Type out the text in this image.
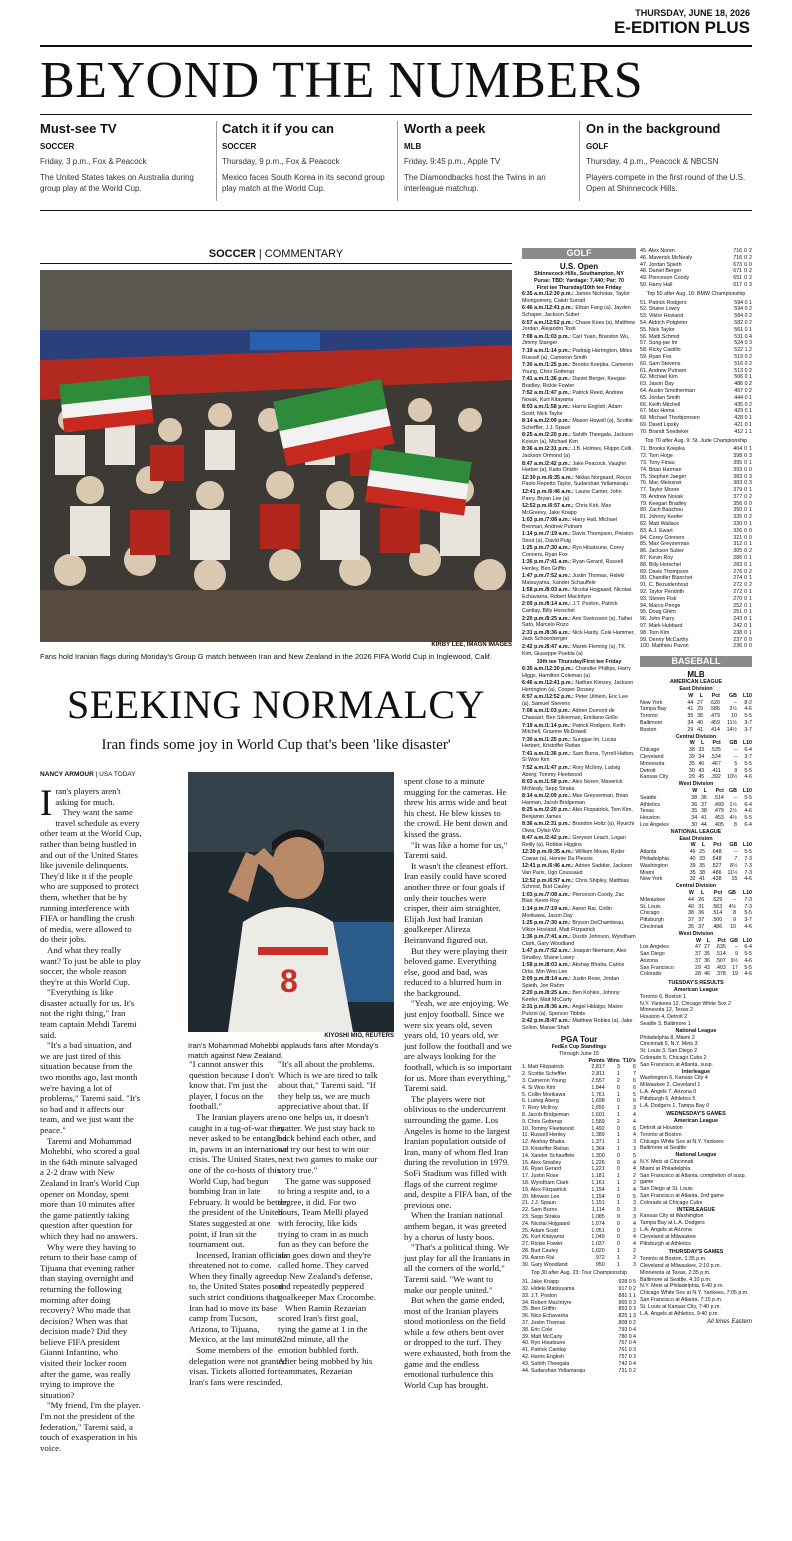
THURSDAY, JUNE 18, 2026
E-EDITION PLUS
BEYOND THE NUMBERS
Must-see TV
SOCCER
Friday, 3 p.m., Fox & Peacock
The United States takes on Australia during group play at the World Cup.
Catch it if you can
SOCCER
Thursday, 9 p.m., Fox & Peacock
Mexico faces South Korea in its second group play match at the World Cup.
Worth a peek
MLB
Friday, 9:45 p.m., Apple TV
The Diamondbacks host the Twins in an interleague matchup.
On in the background
GOLF
Thursday, 4 p.m., Peacock & NBCSN
Players compete in the first round of the U.S. Open at Shinnecock Hills.
SOCCER | COMMENTARY
KIRBY LEE, IMAGN IMAGES
Fans hold Iranian flags during Monday's Group G match between Iran and New Zealand in the 2026 FIFA World Cup in Inglewood, Calif.
SEEKING NORMALCY
Iran finds some joy in World Cup that's been 'like disaster'
NANCY ARMOUR | USA TODAY

Iran's players aren't asking for much.

They want the same travel schedule as every other team at the World Cup, rather than being hustled in and out of the United States like juvenile delinquents. They'd like it if the people who are supposed to protect them, whether that be by running interference with FIFA or handling the crush of media, were allowed to do their jobs.

And what they really want? To just be able to play soccer, the whole reason they're at this World Cup.

"Everything is like disaster actually for us. It's not the right thing," Iran team captain Mehdi Taremi said.

"It's a bad situation, and we are just tired of this situation because from the two months ago, last month we're having a lot of problems," Taremi said. "It's so bad and it affects our team, and we just want the peace."

Taremi and Mohammad Mohebbi, who scored a goal in the 64th minute salvaged a 2-2 draw with New Zealand in Iran's World Cup opener on Monday, spent more than 10 minutes after the game patiently taking question after question for which they had no answers.

Why were they having to return to their base camp of Tijuana that evening rather than staying overnight and returning the following morning after doing recovery? Who made that decision? When was that decision made? Did they believe FIFA president Gianni Infantino, who visited their locker room after the game, was really trying to improve the situation?

"My friend, I'm the player. I'm not the president of the federation," Taremi said, a touch of exasperation in his voice.

8
KIYOSHI MIO, REUTERS
Iran's Mohammad Mohebbi applauds fans after Monday's match against New Zealand.

"I cannot answer this question because I don't know that. I'm just the player, I focus on the football."

The Iranian players are caught in a tug-of-war they never asked to be entangled in, pawns in an international crisis. The United States, one of the co-hosts of this World Cup, had begun bombing Iran in late February. It would be better, the president of the United States suggested at one point, if Iran sit the tournament out.

Incensed, Iranian officials threatened not to come. When they finally agreed to, the United States posed such strict conditions that Iran had to move its base camp from Tucson, Arizona, to Tijuana, Mexico, at the last minute.

Some members of the delegation were not granted visas. Tickets allotted for Iran's fans were rescinded.

"It's all about the problems. Which is we are tired to talk about that," Taremi said. "If they help us, we are much appreciative about that. If no one helps us, it doesn't matter. We just stay back to back behind each other, and we try our best to win our next two games to make our story true."

The game was supposed to bring a respite and, to a degree, it did. For two hours, Team Melli played with ferocity, like kids trying to cram in as much fun as they can before the sun goes down and they're called home. They carved up New Zealand's defense, and repeatedly peppered goalkeeper Max Crocombe.

When Ramin Rezaeian scored Iran's first goal, tying the game at 1 in the 32nd minute, all the emotion bubbled forth. After being mobbed by his teammates, Rezaeian

spent close to a minute mugging for the cameras. He threw his arms wide and beat his chest. He blew kisses to the crowd. He bent down and kissed the grass.

"It was like a home for us," Taremi said.

It wasn't the cleanest effort. Iran easily could have scored another three or four goals if only their touches were crisper, their aim straighter. Elijah Just had Iranian goalkeeper Alireza Beiranvand figured out.

But they were playing their beloved game. Everything else, good and bad, was reduced to a blurred hum in the background.

"Yeah, we are enjoying. We just enjoy football. Since we were six years old, seven years old, 10 years old, we just follow the football and we are always looking for the football, which is so important for us. More than everything," Taremi said.

The players were not oblivious to the undercurrent surrounding the game. Los Angeles is home to the largest Iranian population outside of Iran, many of whom fled Iran during the revolution in 1979. SoFi Stadium was filled with flags of the current regime and, despite a FIFA ban, of the previous one.

When the Iranian national anthem began, it was greeted by a chorus of lusty boos.

"That's a political thing. We just play for all the Iranians in all the corners of the world," Taremi said. "We want to make our people united."

But when the game ended, most of the Iranian players stood motionless on the field while a few others bent over or dropped to the turf. They were exhausted, both from the game and the endless emotional turbulence this World Cup has brought.

GOLF
U.S. Open
Shinnecock Hills, Southampton, NY
Purse: TBD; Yardage: 7,440; Par: 70
First tee Thursday/10th tee Friday

6:35 a.m./12:30 p.m.: James Nicholas, Taylor Montgomery, Caleb Surratt

6:46 a.m./12:41 p.m.: Ethan Fang (a), Jayden Schaper, Jackson Suber

6:57 a.m./12:52 p.m.: Chase Koes (a), Matthew Jordan, Alejandro Tosti

7:08 a.m./1:03 p.m.: Carl Yuan, Brandon Wu, Jimmy Stanger

7:19 a.m./1:14 p.m.: Padraig Harrington, Miles Russell (a), Cameron Smith

7:30 a.m./1:25 p.m.: Brooks Koepka, Cameron Young, Chris Gotterup

7:41 a.m./1:36 p.m.: Daniel Berger, Keegan Bradley, Rickie Fowler

7:52 a.m./1:47 p.m.: Patrick Reed, Andrew Novak, Kurt Kitayama

8:03 a.m./1:58 p.m.: Harris English, Adam Scott, Nick Taylor

8:14 a.m./2:09 p.m.: Mason Howell (a), Scottie Scheffler, J.J. Spaun

8:25 a.m./2:20 p.m.: Sahith Theegala, Jackson Koivun (a), Michael Kim

8:36 a.m./2:31 p.m.: J.B. Holmes, Filippo Celli, Jackson Ormond (a)

8:47 a.m./2:42 p.m.: Jake Peacock, Vaughn Harber (a), Kaito Onishi

12:30 p.m./6:35 a.m.: Niklas Norgaard, Rocco Paolo Repetto Taylor, Sudarshan Yellamaraju

12:41 p.m./6:46 a.m.: Laurie Canter, John Parry, Bryan Lee (a)

12:52 p.m./6:57 a.m.: Chris Kirk, Max McGreevy, Jake Knapp

1:03 p.m./7:08 a.m.: Harry Hall, Michael Brennan, Andrew Putnam

1:14 p.m./7:19 a.m.: Davis Thompson, Preston Stout (a), David Puig

1:25 p.m./7:30 a.m.: Ryo Hisatsune, Corey Conners, Ryan Fox

1:36 p.m./7:41 a.m.: Ryan Gerard, Russell Henley, Ben Griffin

1:47 p.m./7:52 a.m.: Justin Thomas, Hideki Matsuyama, Xander Schauffele

1:58 p.m./8:03 a.m.: Nicolai Hojgaard, Nicolas Echavarria, Robert MacIntyre

2:09 p.m./8:14 a.m.: J.T. Poston, Patrick Cantlay, Billy Horschel

2:20 p.m./8:25 a.m.: Arni Sveinsson (a), Taihei Sato, Marcelo Rozo

2:31 p.m./8:36 a.m.: Nick Hardy, Cole Hammer, Jack Schoenberger

2:42 p.m./8:47 a.m.: Marek Fleming (a), TK Kim, Giuseppe Puebla (a)

10th tee Thursday/First tee Friday

6:35 a.m./12:30 p.m.: Chandler Phillips, Harry Higgs, Hamilton Coleman (a)

6:46 a.m./12:41 p.m.: Nathan Kimsey, Jackson Herrington (a), Cooper Dossey

6:57 a.m./12:52 p.m.: Peter Uihlein, Eric Lee (a), Samuel Stevens

7:08 a.m./1:03 p.m.: Adrien Dumont de Chassart, Ben Silverman, Emiliano Grillo

7:19 a.m./1:14 p.m.: Patrick Rodgers, Keith Mitchell, Graeme McDowell

7:30 a.m./1:25 p.m.: Sungjae Im, Lucas Herbert, Kristoffer Reitan

7:41 a.m./1:36 p.m.: Sam Burns, Tyrrell Hatton, Si Woo Kim

7:52 a.m./1:47 p.m.: Rory McIlroy, Ludvig Aberg, Tommy Fleetwood

8:03 a.m./1:58 p.m.: Alex Noren, Maverick McNealy, Sepp Straka

8:14 a.m./2:09 p.m.: Max Greyserman, Brian Harman, Jacob Bridgeman

8:25 a.m./2:20 p.m.: Akio Fitzpatrick, Tom Kim, Benjamin James

8:36 a.m./2:31 p.m.: Brandon Holtz (a), Ryuichi Oiwa, Dylan Wu

8:47 a.m./2:42 p.m.: Greyson Leach, Logan Reilly (a), Robbie Higgins

12:30 p.m./6:35 a.m.: William Mouw, Ryder Cowan (a), Hennie Du Plessis

12:41 p.m./6:46 a.m.: Adrien Saddier, Jackson Van Paris, Ugo Coussaud

12:52 p.m./6:57 a.m.: Chris Shipley, Matthias Schmid, Bud Cauley

1:03 p.m./7:08 a.m.: Pierceson Coody, Zac Blair, Kevin Roy

1:14 p.m./7:19 a.m.: Aaron Rai, Collin Morikawa, Jason Day

1:25 p.m./7:30 a.m.: Bryson DeChambeau, Viktor Hovland, Matt Fitzpatrick

1:36 p.m./7:41 a.m.: Dustin Johnson, Wyndham Clark, Gary Woodland

1:47 p.m./7:52 a.m.: Joaquin Niemann, Alex Smalley, Shane Lowry

1:58 p.m./8:03 a.m.: Akshay Bhatia, Carlos Ortiz, Min Woo Lee

2:09 p.m./8:14 a.m.: Justin Rose, Jordan Spieth, Jon Rahm

2:20 p.m./8:25 a.m.: Ben Kohles, Johnny Keefer, Matt McCarty

2:31 p.m./8:36 a.m.: Angel Hidalgo, Mateo Pulcini (a), Spencer Tibbits

2:42 p.m./8:47 a.m.: Matthew Robles (a), Jake Sollon, Manav Shah

PGA Tour
FedEx Cup Standings
Through June 15
	Points	Wins	T10's
1. Matt Fitzpatrick	2,817	3	6
2. Scottie Scheffler	2,811	1	7
3. Cameron Young	2,557	2	6
4. Si Woo Kim	1,844	0	6
5. Collin Morikawa	1,761	1	5
6. Ludvig Aberg	1,698	0	6
7. Rory McIlroy	1,655	1	3
8. Jacob Bridgeman	1,601	1	4
9. Chris Gotterup	1,589	2	4
10. Tommy Fleetwood	1,492	0	6
11. Russell Henley	1,389	1	4
12. Akshay Bhatia	1,371	1	3
13. Kristoffer Reitan	1,364	1	3
14. Xander Schauffele	1,300	0	5
15. Alex Smalley	1,226	0	4
16. Ryan Gerard	1,221	0	4
17. Justin Rose	1,181	1	2
18. Wyndham Clark	1,161	1	2
19. Alex Fitzpatrick	1,154	1	4
20. Minwoo Lee	1,154	0	5
21. J.J. Spaun	1,151	1	3
22. Sam Burns	1,114	0	3
23. Sepp Straka	1,085	0	3
24. Nicolai Hojgaard	1,074	0	4
25. Adam Scott	1,051	0	2
26. Kurt Kitayama	1,049	0	4
27. Rickie Fowler	1,037	0	4
28. Bud Cauley	1,020	1	2
29. Aaron Rai	972	1	2
30. Gary Woodland	950	1	3
Top 30 after Aug. 23: Tour Championship
31. Jake Knapp	928	0	5
32. Hideki Matsuyama	917	0	2
33. J.T. Poston	881	1	1
34. Robert MacIntyre	865	0	3
35. Ben Griffin	853	0	3
36. Nico Echavarria	825	1	3
37. Justin Thomas	808	0	2
38. Eric Cole	793	0	4
39. Matt McCarty	780	0	4
40. Ryo Hisatsune	767	0	4
41. Patrick Cantlay	761	0	3
42. Harris English	757	0	3
43. Sahith Theegala	742	0	4
44. Sudarshan Yellamaraju	731	0	2
45. Alex Noren	716	0	2
46. Maverick McNealy	716	0	2
47. Jordan Spieth	673	0	0
48. Daniel Berger	671	0	2
49. Pierceson Coody	651	0	2
50. Harry Hall	617	0	3
Top 50 after Aug. 16: BMW Championship
51. Patrick Rodgers	594	0	1
52. Shane Lowry	594	0	2
53. Viktor Hovland	584	0	2
54. Aldrich Potgieter	582	0	2
55. Nick Taylor	561	0	1
56. Matti Schmid	531	0	4
57. Sung-jae Im	524	0	3
58. Ricky Castillo	522	1	2
59. Ryan Fox	519	0	2
60. Sam Stevens	516	0	2
61. Andrew Putnam	513	0	2
62. Michael Kim	506	0	1
63. Jason Day	486	0	2
64. Austin Smotherman	457	0	2
65. Jordan Smith	444	0	1
66. Keith Mitchell	435	0	2
67. Max Homa	429	0	1
68. Michael Thorbjornsen	428	0	1
69. David Lipsky	421	0	1
70. Brandt Snedeker	412	1	1
Top 70 after Aug. 9: St. Jude Championship
71. Brooks Koepka	404	0	1
72. Tom Hoge	398	0	3
73. Tony Finau	395	0	1
74. Brian Harman	393	0	0
75. Stephan Jaeger	383	0	3
76. Mac Meissner	383	0	3
77. Taylor Moore	379	0	1
78. Andrew Novak	377	0	2
79. Keegan Bradley	356	0	0
80. Zach Bauchou	350	0	1
81. Johnny Keefer	335	0	2
82. Matt Wallace	330	0	1
83. A.J. Ewart	326	0	0
84. Corey Conners	321	0	0
85. Max Greyserman	312	0	1
86. Jackson Suber	305	0	2
87. Kevin Roy	286	0	1
88. Billy Horschel	283	0	1
89. Davis Thompson	276	0	2
90. Chandler Blanchet	274	0	1
91. C. Bezuidenhout	272	0	2
92. Taylor Pendrith	272	0	1
93. Steven Fisk	270	0	1
94. Marco Penge	252	0	1
95. Doug Ghim	251	0	1
96. John Parry	243	0	1
97. Mark Hubbard	242	0	1
98. Tom Kim	238	0	1
99. Denny McCarthy	237	0	0
100. Matthieu Pavon	236	0	0
BASEBALL
MLB
AMERICAN LEAGUE
East Division
	W	L	Pct	GB	L10
New York	44	27	.620	–	8-2
Tampa Bay	41	29	.586	2½	4-6
Toronto	35	38	.479	10	5-5
Baltimore	34	40	.459	11½	3-7
Boston	29	41	.414	14½	3-7
Central Division
	W	L	Pct	GB	L10
Chicago	38	33	.535	–	6-4
Cleveland	39	34	.534	–	3-7
Minnesota	35	40	.467	5	5-5
Detroit	30	43	.411	9	5-5
Kansas City	29	45	.392	10½	4-6
West Division
	W	L	Pct	GB	L10
Seattle	38	36	.514	–	5-5
Athletics	36	37	.493	1½	6-4
Texas	35	38	.479	2½	4-6
Houston	34	41	.453	4½	5-5
Los Angeles	30	44	.405	8	6-4
NATIONAL LEAGUE
East Division
	W	L	Pct	GB	L10
Atlanta	46	25	.648	–	5-5
Philadelphia	40	33	.548	7	7-3
Washington	39	35	.527	8½	7-3
Miami	35	38	.486	11½	7-3
New York	32	41	.438	15	4-6
Central Division
	W	L	Pct	GB	L10
Milwaukee	44	26	.629	–	7-3
St. Louis	40	31	.563	4½	7-3
Chicago	38	36	.514	8	5-5
Pittsburgh	37	37	.500	9	3-7
Cincinnati	35	37	.486	10	4-6
West Division
	W	L	Pct	GB	L10
Los Angeles	47	27	.635	–	6-4
San Diego	37	35	.514	9	5-5
Arizona	37	36	.507	9½	4-6
San Francisco	29	43	.403	17	5-5
Colorado	28	46	.378	19	4-6
TUESDAY'S RESULTS
American League
Toronto 6, Boston 1
N.Y. Yankees 12, Chicago White Sox 2
Minnesota 12, Texas 2
Houston 4, Detroit 2
Seattle 3, Baltimore 1
National League
Philadelphia 8, Miami 2
Cincinnati 5, N.Y. Mets 3
St. Louis 3, San Diego 2
Colorado 5, Chicago Cubs 2
San Francisco at Atlanta, susp.
Interleague
Washington 6, Kansas City 4
Milwaukee 2, Cleveland 1
L.A. Angels 7, Arizona 0
Pittsburgh 6, Athletics 5
L.A. Dodgers 1, Tampa Bay 0
WEDNESDAY'S GAMES
American League
Detroit at Houston
Toronto at Boston
Chicago White Sox at N.Y. Yankees
Baltimore at Seattle
National League
N.Y. Mets at Cincinnati
Miami at Philadelphia
San Francisco at Atlanta, completion of susp. game
San Diego at St. Louis
San Francisco at Atlanta, 2nd game
Colorado at Chicago Cubs
INTERLEAGUE
Kansas City at Washington
Tampa Bay at L.A. Dodgers
L.A. Angels at Arizona
Cleveland at Milwaukee
Pittsburgh at Athletics
THURSDAY'S GAMES
Toronto at Boston, 1:35 p.m.
Cleveland at Milwaukee, 2:10 p.m.
Minnesota at Texas, 2:35 p.m.
Baltimore at Seattle, 4:10 p.m.
N.Y. Mets at Philadelphia, 6:40 p.m.
Chicago White Sox at N.Y. Yankees, 7:05 p.m.
San Francisco at Atlanta, 7:15 p.m.
St. Louis at Kansas City, 7:40 p.m.
L.A. Angels at Athletics, 9:40 p.m.
All times Eastern
